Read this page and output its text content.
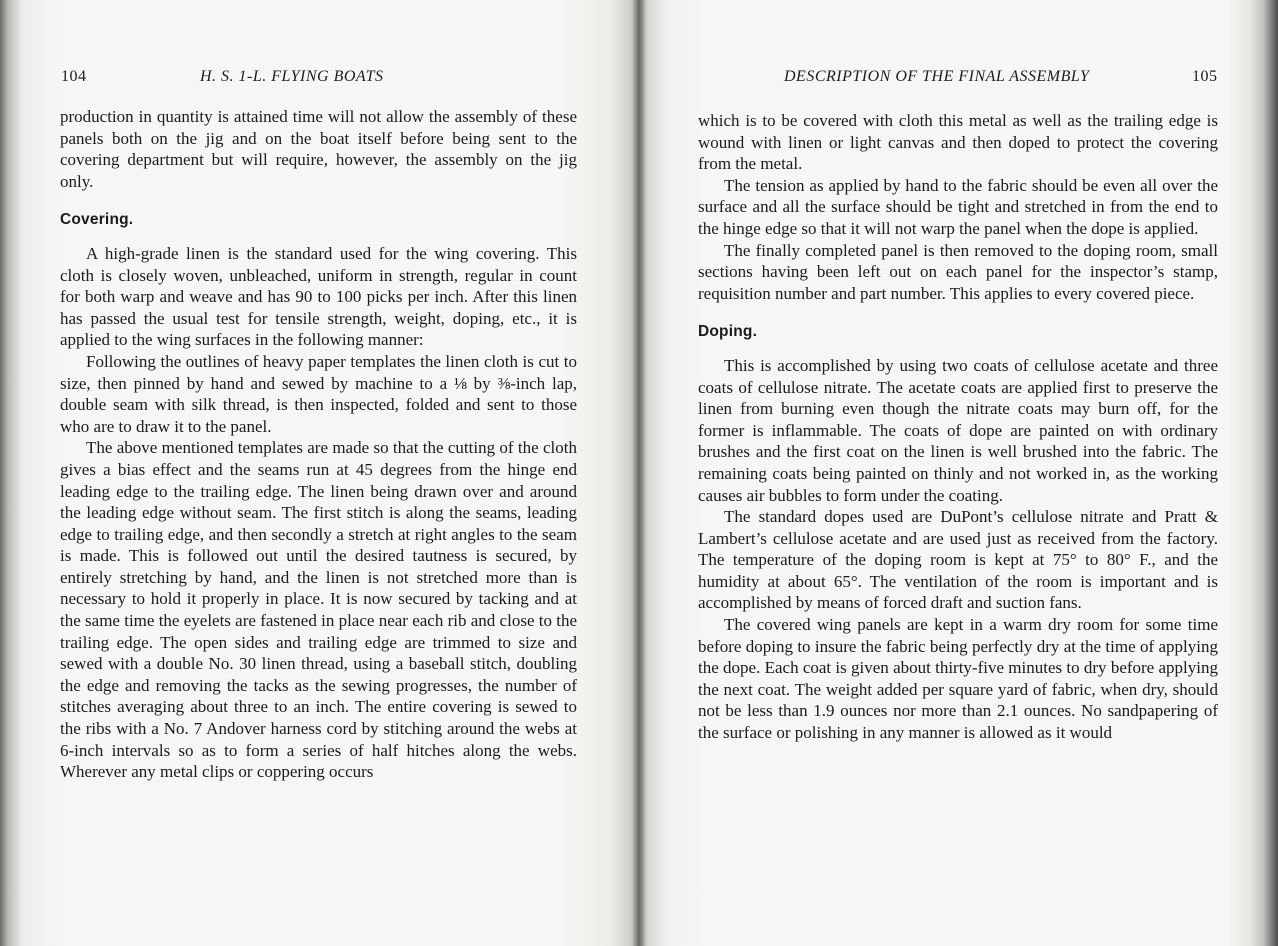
104	H. S. 1-L. FLYING BOATS

production in quantity is attained time will not allow the assembly of these panels both on the jig and on the boat itself before being sent to the covering department but will require, however, the assembly on the jig only.

Covering.

A high-grade linen is the standard used for the wing covering. This cloth is closely woven, unbleached, uniform in strength, regular in count for both warp and weave and has 90 to 100 picks per inch. After this linen has passed the usual test for tensile strength, weight, doping, etc., it is applied to the wing surfaces in the following manner:

Following the outlines of heavy paper templates the linen cloth is cut to size, then pinned by hand and sewed by machine to a ⅛ by ⅜-inch lap, double seam with silk thread, is then inspected, folded and sent to those who are to draw it to the panel.

The above mentioned templates are made so that the cutting of the cloth gives a bias effect and the seams run at 45 degrees from the hinge end leading edge to the trailing edge. The linen being drawn over and around the leading edge without seam. The first stitch is along the seams, leading edge to trailing edge, and then secondly a stretch at right angles to the seam is made. This is followed out until the desired tautness is secured, by entirely stretching by hand, and the linen is not stretched more than is necessary to hold it properly in place. It is now secured by tacking and at the same time the eyelets are fastened in place near each rib and close to the trailing edge. The open sides and trailing edge are trimmed to size and sewed with a double No. 30 linen thread, using a baseball stitch, doubling the edge and removing the tacks as the sewing progresses, the number of stitches averaging about three to an inch. The entire covering is sewed to the ribs with a No. 7 Andover harness cord by stitching around the webs at 6-inch intervals so as to form a series of half hitches along the webs. Wherever any metal clips or coppering occurs

DESCRIPTION OF THE FINAL ASSEMBLY	105

which is to be covered with cloth this metal as well as the trailing edge is wound with linen or light canvas and then doped to protect the covering from the metal.

The tension as applied by hand to the fabric should be even all over the surface and all the surface should be tight and stretched in from the end to the hinge edge so that it will not warp the panel when the dope is applied.

The finally completed panel is then removed to the doping room, small sections having been left out on each panel for the inspector’s stamp, requisition number and part number. This applies to every covered piece.

Doping.

This is accomplished by using two coats of cellulose acetate and three coats of cellulose nitrate. The acetate coats are applied first to preserve the linen from burning even though the nitrate coats may burn off, for the former is inflammable. The coats of dope are painted on with ordinary brushes and the first coat on the linen is well brushed into the fabric. The remaining coats being painted on thinly and not worked in, as the working causes air bubbles to form under the coating.

The standard dopes used are DuPont’s cellulose nitrate and Pratt & Lambert’s cellulose acetate and are used just as received from the factory. The temperature of the doping room is kept at 75° to 80° F., and the humidity at about 65°. The ventilation of the room is important and is accomplished by means of forced draft and suction fans.

The covered wing panels are kept in a warm dry room for some time before doping to insure the fabric being perfectly dry at the time of applying the dope. Each coat is given about thirty-five minutes to dry before applying the next coat. The weight added per square yard of fabric, when dry, should not be less than 1.9 ounces nor more than 2.1 ounces. No sandpapering of the surface or polishing in any manner is allowed as it would
